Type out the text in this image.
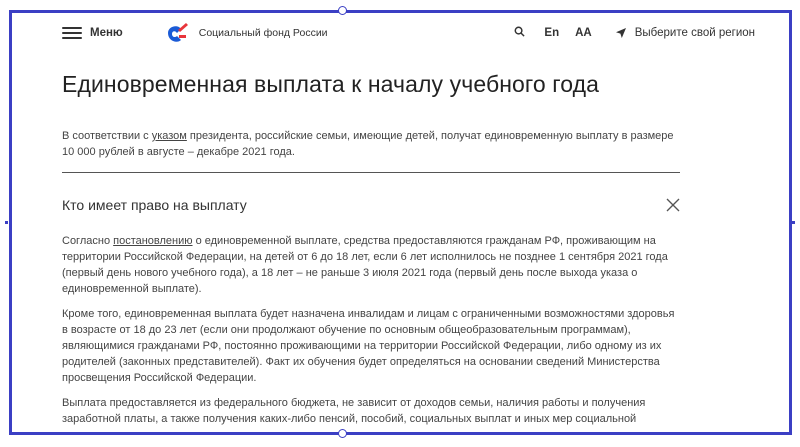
Меню	Социальный фонд России	En AA	Выберите свой регион
Единовременная выплата к началу учебного года

В соответствии с указом президента, российские семьи, имеющие детей, получат единовременную выплату в размере 10 000 рублей в августе – декабре 2021 года.

Кто имеет право на выплату

Согласно постановлению о единовременной выплате, средства предоставляются гражданам РФ, проживающим на территории Российской Федерации, на детей от 6 до 18 лет, если 6 лет исполнилось не позднее 1 сентября 2021 года (первый день нового учебного года), а 18 лет – не раньше 3 июля 2021 года (первый день после выхода указа о единовременной выплате).

Кроме того, единовременная выплата будет назначена инвалидам и лицам с ограниченными возможностями здоровья в возрасте от 18 до 23 лет (если они продолжают обучение по основным общеобразовательным программам), являющимися гражданами РФ, постоянно проживающими на территории Российской Федерации, либо одному из их родителей (законных представителей). Факт их обучения будет определяться на основании сведений Министерства просвещения Российской Федерации.

Выплата предоставляется из федерального бюджета, не зависит от доходов семьи, наличия работы и получения заработной платы, а также получения каких-либо пенсий, пособий, социальных выплат и иных мер социальной
